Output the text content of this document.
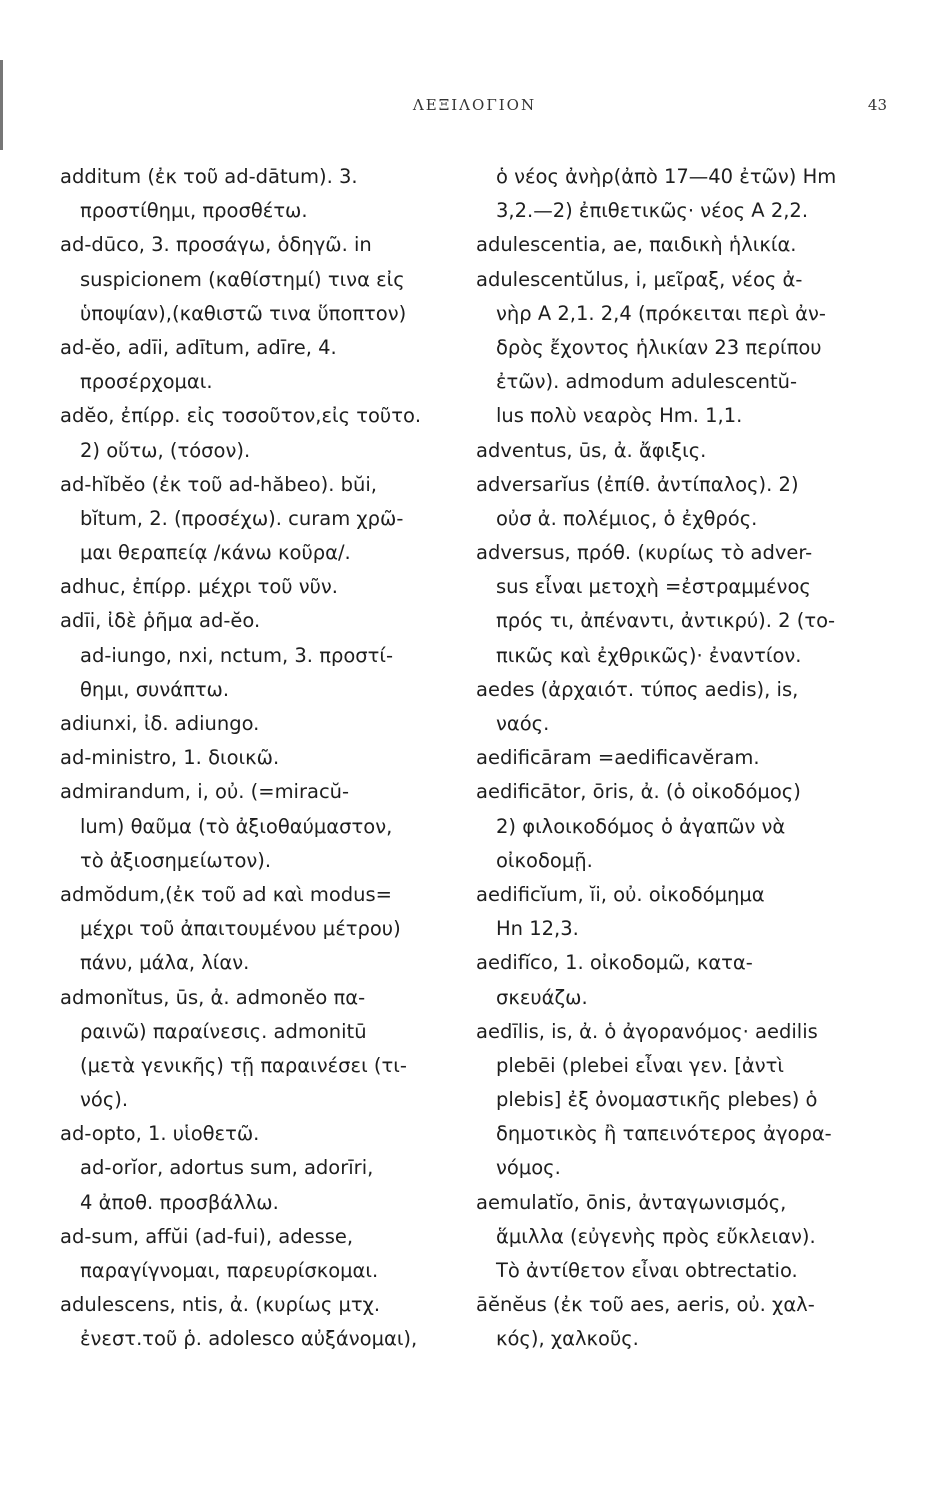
ΛΕΞΙΛΟΓΙΟΝ	43
additum (ἐκ τοῦ ad-dātum). 3.
προστίθημι, προσθέτω.
ad-dūco, 3. προσάγω, ὁδηγῶ. in
suspicionem (καθίστημί) τινα εἰς
ὑποψίαν),(καθιστῶ τινα ὕποπτον)
ad-ĕo, adīi, adītum, adīre, 4.
προσέρχομαι.
adĕo, ἐπίρρ. εἰς τοσοῦτον,εἰς τοῦτο.
2) οὕτω, (τόσον).
ad-hĭbĕo (ἐκ τοῦ ad-hăbeo). bŭi,
bĭtum, 2. (προσέχω). curam χρῶ-
μαι θεραπείᾳ /κάνω κοῦρα/.
adhuc, ἐπίρρ. μέχρι τοῦ νῦν.
adīi, ἰδὲ ῥῆμα ad-ĕo.
ad-iungo, nxi, nctum, 3. προστί-
θημι, συνάπτω.
adiunxi, ἰδ. adiungo.
ad-ministro, 1. διοικῶ.
admirandum, i, οὐ. (=miracŭ-
lum) θαῦμα (τὸ ἀξιοθαύμαστον,
τὸ ἀξιοσημείωτον).
admŏdum,(ἐκ τοῦ ad καὶ modus=
μέχρι τοῦ ἀπαιτουμένου μέτρου)
πάνυ, μάλα, λίαν.
admonĭtus, ūs, ἀ. admonĕo πα-
ραινῶ) παραίνεσις. admonitū
(μετὰ γενικῆς) τῇ παραινέσει (τι-
νός).
ad-opto, 1. υἱοθετῶ.
ad-orĭor, adortus sum, adorīri,
4 ἀποθ. προσβάλλω.
ad-sum, affŭi (ad-fui), adesse,
παραγίγνομαι, παρευρίσκομαι.
adulescens, ntis, ἀ. (κυρίως μτχ.
ἐνεστ.τοῦ ῥ. adolesco αὐξάνομαι),
ὁ νέος ἀνὴρ(ἀπὸ 17—40 ἐτῶν) Hm
3,2.—2) ἐπιθετικῶς· νέος Α 2,2.
adulescentia, ae, παιδικὴ ἡλικία.
adulescentŭlus, i, μεῖραξ, νέος ἀ-
νὴρ Α 2,1. 2,4 (πρόκειται περὶ ἀν-
δρὸς ἔχοντος ἡλικίαν 23 περίπου
ἐτῶν). admodum adulescentŭ-
lus πολὺ νεαρὸς Hm. 1,1.
adventus, ūs, ἀ. ἄφιξις.
adversarĭus (ἐπίθ. ἀντίπαλος). 2)
οὐσ ἀ. πολέμιος, ὁ ἐχθρός.
adversus, πρόθ. (κυρίως τὸ adver-
sus εἶναι μετοχὴ =ἐστραμμένος
πρός τι, ἀπέναντι, ἀντικρύ). 2 (το-
πικῶς καὶ ἐχθρικῶς)· ἐναντίον.
aedes (ἀρχαιότ. τύπος aedis), is,
ναός.
aedificāram =aedificavĕram.
aedificātor, ōris, ἀ. (ὁ οἰκοδόμος)
2) φιλοικοδόμος ὁ ἀγαπῶν νὰ
οἰκοδομῇ.
aedificĭum, ĭi, οὐ. οἰκοδόμημα
Hn 12,3.
aedifĭco, 1. οἰκοδομῶ, κατα-
σκευάζω.
aedīlis, is, ἀ. ὁ ἀγορανόμος· aedilis
plebēi (plebei εἶναι γεν. [ἀντὶ
plebis] ἐξ ὀνομαστικῆς plebes) ὁ
δημοτικὸς ἢ ταπεινότερος ἀγορα-
νόμος.
aemulatĭo, ōnis, ἀνταγωνισμός,
ἅμιλλα (εὐγενὴς πρὸς εὔκλειαν).
Τὸ ἀντίθετον εἶναι obtrectatio.
āĕnĕus (ἐκ τοῦ aes, aeris, οὐ. χαλ-
κός), χαλκοῦς.
